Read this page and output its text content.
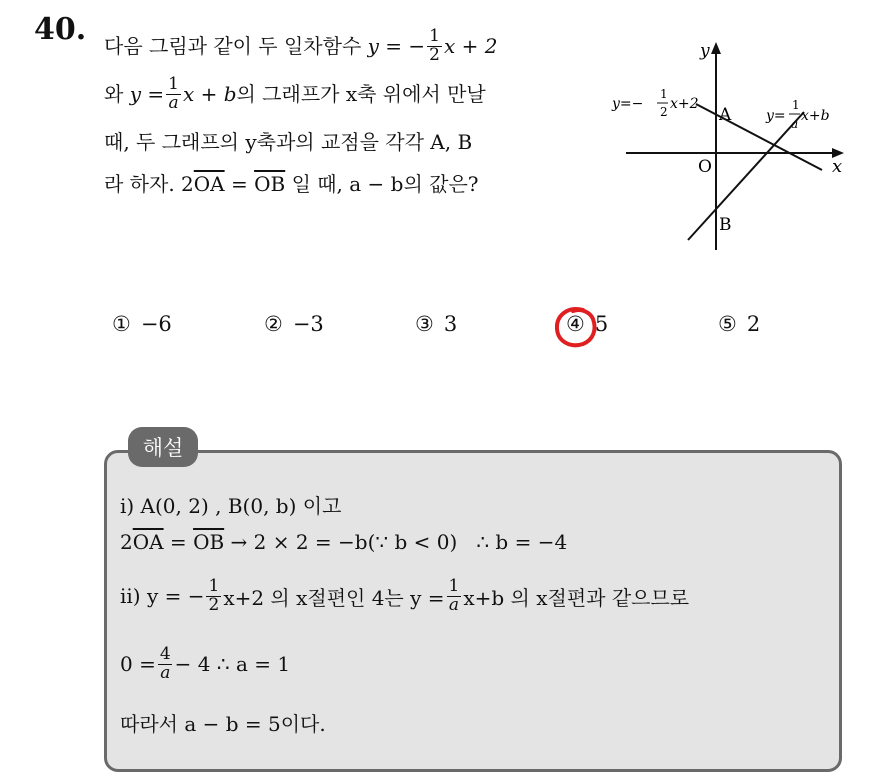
40. 다음 그림과 같이 두 일차함수
y = − $\frac{1}{2}$ x + 2
와
$y = \frac{1}{a}$ x + b 의 그래프가 x축 위에서 만날
때, 두 그래프의 y축과의 교점을 각각 A, B
라 하자.
2 $\overline{OA}$
=
$\overline{OB}$
일 때, a − b의 값은?
y
x
O
A
B
y=−
1
2 x+2
y=
1
a x+b
① −6	② −3	③ 3	④ 5	⑤ 2
해설
ⅰ) A(0, 2) , B(0, b) 이고
2 $\overline{OA} = \overline{OB} \to 2 \times 2$ = −b(∵ b < 0)   ∴ b = −4
ⅱ) y = − $\frac{1}{2} x+2$ 의 x절편인 4는 $y = \frac{1}{a} x+b$ 의 x절편과 같으므로
$0 = \frac{4}{a} - 4$ ∴ a = 1
따라서 a − b = 5이다.
